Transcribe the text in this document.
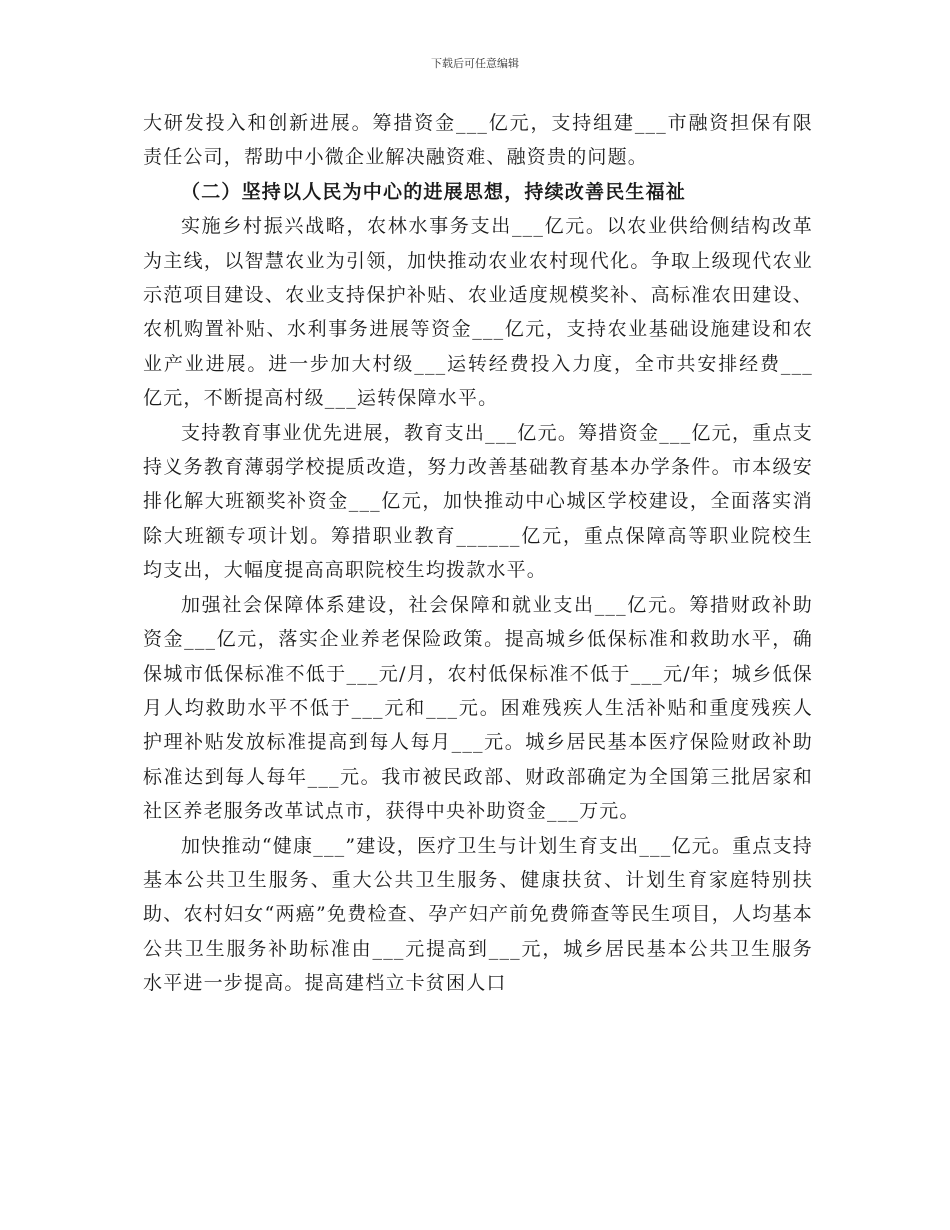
下载后可任意编辑

大研发投入和创新进展。筹措资金___亿元，支持组建___市融资担保有限责任公司，帮助中小微企业解决融资难、融资贵的问题。

（二）坚持以人民为中心的进展思想，持续改善民生福祉

实施乡村振兴战略，农林水事务支出___亿元。以农业供给侧结构改革为主线，以智慧农业为引领，加快推动农业农村现代化。争取上级现代农业示范项目建设、农业支持保护补贴、农业适度规模奖补、高标准农田建设、农机购置补贴、水利事务进展等资金___亿元，支持农业基础设施建设和农业产业进展。进一步加大村级___运转经费投入力度，全市共安排经费___亿元，不断提高村级___运转保障水平。

支持教育事业优先进展，教育支出___亿元。筹措资金___亿元，重点支持义务教育薄弱学校提质改造，努力改善基础教育基本办学条件。市本级安排化解大班额奖补资金___亿元，加快推动中心城区学校建设，全面落实消除大班额专项计划。筹措职业教育______亿元，重点保障高等职业院校生均支出，大幅度提高高职院校生均拨款水平。

加强社会保障体系建设，社会保障和就业支出___亿元。筹措财政补助资金___亿元，落实企业养老保险政策。提高城乡低保标准和救助水平，确保城市低保标准不低于___元/月，农村低保标准不低于___元/年；城乡低保月人均救助水平不低于___元和___元。困难残疾人生活补贴和重度残疾人护理补贴发放标准提高到每人每月___元。城乡居民基本医疗保险财政补助标准达到每人每年___元。我市被民政部、财政部确定为全国第三批居家和社区养老服务改革试点市，获得中央补助资金___万元。

加快推动“健康___”建设，医疗卫生与计划生育支出___亿元。重点支持基本公共卫生服务、重大公共卫生服务、健康扶贫、计划生育家庭特别扶助、农村妇女“两癌”免费检查、孕产妇产前免费筛查等民生项目，人均基本公共卫生服务补助标准由___元提高到___元，城乡居民基本公共卫生服务水平进一步提高。提高建档立卡贫困人口
